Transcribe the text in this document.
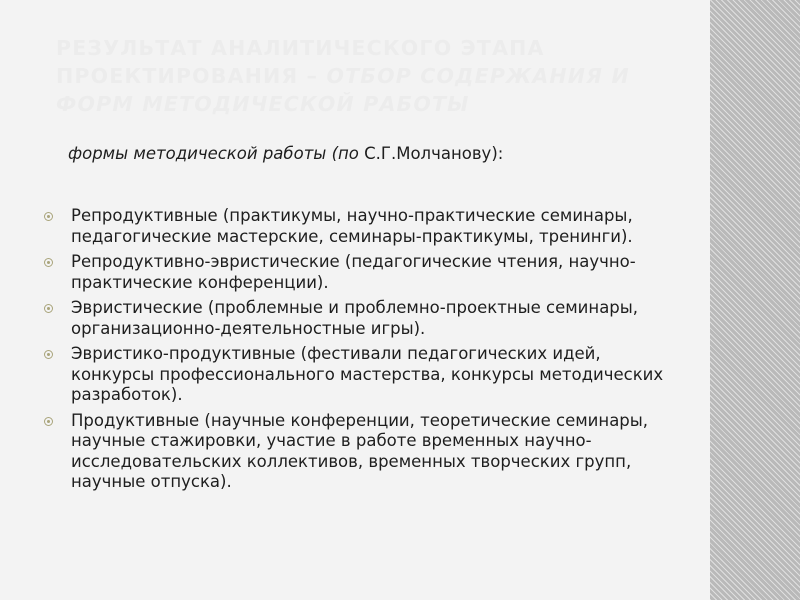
РЕЗУЛЬТАТ АНАЛИТИЧЕСКОГО ЭТАПА ПРОЕКТИРОВАНИЯ – ОТБОР СОДЕРЖАНИЯ И ФОРМ МЕТОДИЧЕСКОЙ РАБОТЫ
формы методической работы (по С.Г.Молчанову):
Репродуктивные (практикумы, научно-практические семинары, педагогические мастерские, семинары-практикумы, тренинги).
Репродуктивно-эвристические (педагогические чтения, научно-практические конференции).
Эвристические (проблемные и проблемно-проектные семинары, организационно-деятельностные игры).
Эвристико-продуктивные (фестивали педагогических идей, конкурсы профессионального мастерства, конкурсы методических разработок).
Продуктивные (научные конференции, теоретические семинары, научные стажировки, участие в работе временных научно-исследовательских коллективов, временных творческих групп, научные отпуска).
